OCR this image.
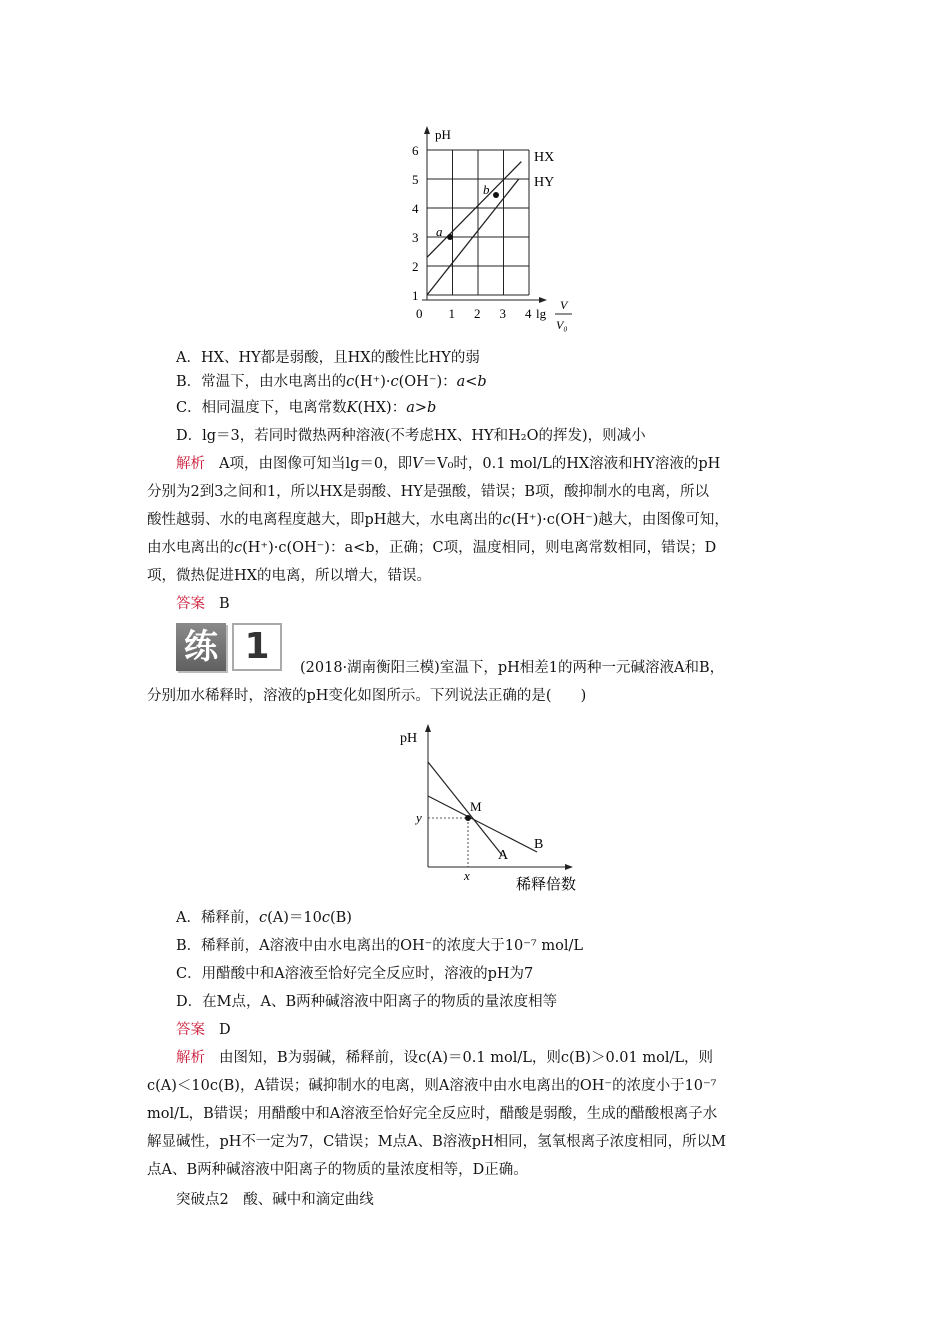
pH
6
5
4
3
2
1
0 1 2 3 4 lg
V
V₀
HX
HY
a
b
A．HX、HY都是弱酸，且HX的酸性比HY的弱
B．常温下，由水电离出的c(H⁺)·c(OH⁻)：a<b
C．相同温度下，电离常数K(HX)：a>b
D．lg＝3，若同时微热两种溶液(不考虑HX、HY和H₂O的挥发)，则减小
解析 A项，由图像可知当lg＝0，即V＝V₀时，0.1 mol/L的HX溶液和HY溶液的pH
分别为2到3之间和1，所以HX是弱酸、HY是强酸，错误；B项，酸抑制水的电离，所以
酸性越弱、水的电离程度越大，即pH越大，水电离出的c(H⁺)·c(OH⁻)越大，由图像可知，
由水电离出的c(H⁺)·c(OH⁻)：a<b，正确；C项，温度相同，则电离常数相同，错误；D
项，微热促进HX的电离，所以增大，错误。
答案 B
练 1
(2018·湖南衡阳三模)室温下，pH相差1的两种一元碱溶液A和B，
分别加水稀释时，溶液的pH变化如图所示。下列说法正确的是(　　)
pH
稀释倍数
M
y
x
A
B
A．稀释前，c(A)＝10c(B)
B．稀释前，A溶液中由水电离出的OH⁻的浓度大于10⁻⁷ mol/L
C．用醋酸中和A溶液至恰好完全反应时，溶液的pH为7
D．在M点，A、B两种碱溶液中阳离子的物质的量浓度相等
答案 D
解析 由图知，B为弱碱，稀释前，设c(A)＝0.1 mol/L，则c(B)＞0.01 mol/L，则
c(A)＜10c(B)，A错误；碱抑制水的电离，则A溶液中由水电离出的OH⁻的浓度小于10⁻⁷
mol/L，B错误；用醋酸中和A溶液至恰好完全反应时，醋酸是弱酸，生成的醋酸根离子水
解显碱性，pH不一定为7，C错误；M点A、B溶液pH相同，氢氧根离子浓度相同，所以M
点A、B两种碱溶液中阳离子的物质的量浓度相等，D正确。
突破点2　酸、碱中和滴定曲线
